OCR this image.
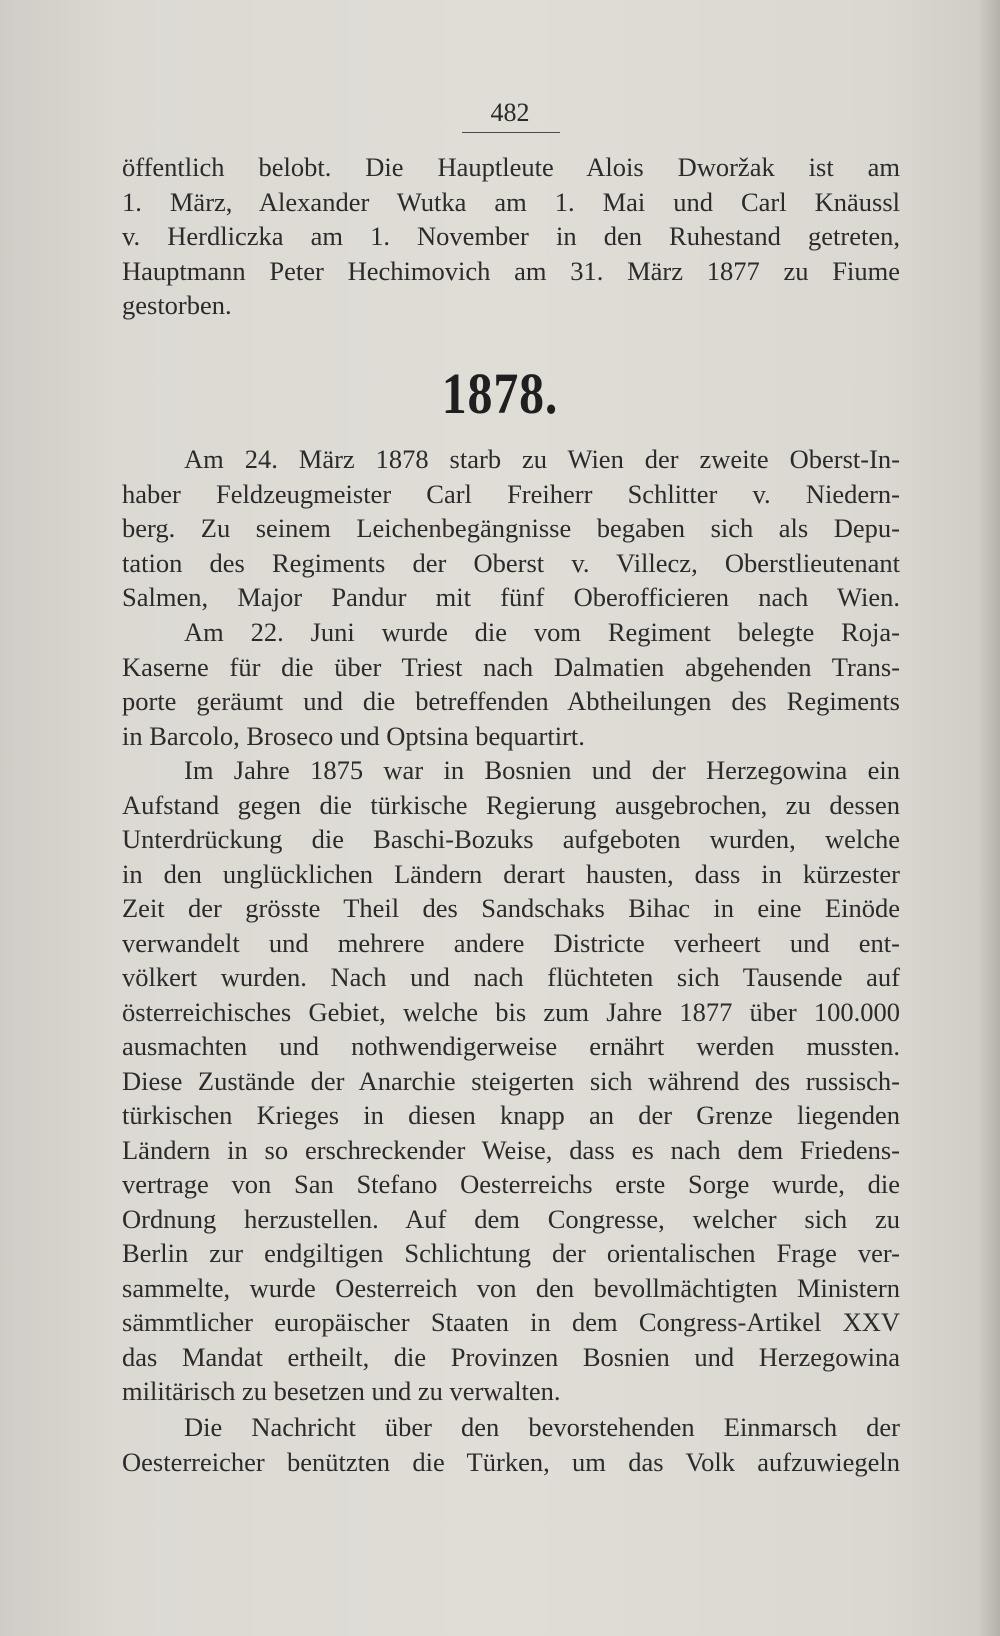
482
öffentlich belobt. Die Hauptleute Alois Dworžak ist am
1. März, Alexander Wutka am 1. Mai und Carl Knäussl
v. Herdliczka am 1. November in den Ruhestand getreten,
Hauptmann Peter Hechimovich am 31. März 1877 zu Fiume
gestorben.
1878.
Am 24. März 1878 starb zu Wien der zweite Oberst-In-
haber Feldzeugmeister Carl Freiherr Schlitter v. Niedern-
berg. Zu seinem Leichenbegängnisse begaben sich als Depu-
tation des Regiments der Oberst v. Villecz, Oberstlieutenant
Salmen, Major Pandur mit fünf Oberofficieren nach Wien.
Am 22. Juni wurde die vom Regiment belegte Roja-
Kaserne für die über Triest nach Dalmatien abgehenden Trans-
porte geräumt und die betreffenden Abtheilungen des Regiments
in Barcolo, Broseco und Optsina bequartirt.
Im Jahre 1875 war in Bosnien und der Herzegowina ein
Aufstand gegen die türkische Regierung ausgebrochen, zu dessen
Unterdrückung die Baschi-Bozuks aufgeboten wurden, welche
in den unglücklichen Ländern derart hausten, dass in kürzester
Zeit der grösste Theil des Sandschaks Bihac in eine Einöde
verwandelt und mehrere andere Districte verheert und ent-
völkert wurden. Nach und nach flüchteten sich Tausende auf
österreichisches Gebiet, welche bis zum Jahre 1877 über 100.000
ausmachten und nothwendigerweise ernährt werden mussten.
Diese Zustände der Anarchie steigerten sich während des russisch-
türkischen Krieges in diesen knapp an der Grenze liegenden
Ländern in so erschreckender Weise, dass es nach dem Friedens-
vertrage von San Stefano Oesterreichs erste Sorge wurde, die
Ordnung herzustellen. Auf dem Congresse, welcher sich zu
Berlin zur endgiltigen Schlichtung der orientalischen Frage ver-
sammelte, wurde Oesterreich von den bevollmächtigten Ministern
sämmtlicher europäischer Staaten in dem Congress-Artikel XXV
das Mandat ertheilt, die Provinzen Bosnien und Herzegowina
militärisch zu besetzen und zu verwalten.
Die Nachricht über den bevorstehenden Einmarsch der
Oesterreicher benützten die Türken, um das Volk aufzuwiegeln
